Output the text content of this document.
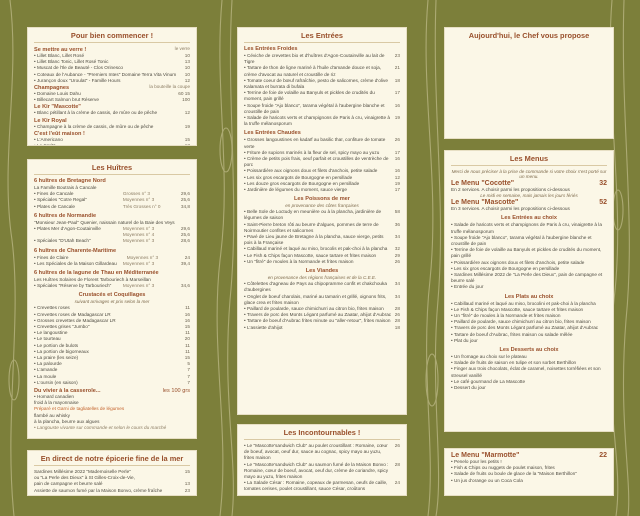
Pour bien commencer !
Se mettre au verre !	le verre
• Lillet Blanc, Lillet Rosé	10
• Lillet Blanc Tonic, Lillet Rosé Tonic	13
• Muscat de l'Ile de Beauté - Clos Orinesco	10
• Coteaux de l'Aubance - "Premiers Intes" Domaine Terra Vita Vinum	10
• Jurançon doux "Uroulat" - Famille Hours	12
Champagnes	la bouteille la coupe
• Domaine Louis Dahu	60 15
• Billecart Salmon brut Réserve	100
Le Kir "Mascotte"
• Blanc pétillant à la crème de cassis, de mûre ou de pêche	12
Le Kir Royal
• Champagne à la crème de cassis, de mûre ou de pêche	19
C'est l'eût maison !
• L'Americano	15
• Le Spritz	13
Les Huîtres
6 huîtres de Bretagne Nord
La Famille Boutrais à Cancale
• Fines de Cancale	Grosses n° 3	29,6
• Spéciales "Cotre Regal"	Moyennes n° 3	25,6
• Plates de Cancale	Très Grosses n° 0	34,8
6 huîtres de Normandie
"Monsieur Jean-Paul" Quenier, naissain naturel de la Baie des Veys
• Plates Mer d'Agon-Coutainville	Moyennes n° 3	29,6
Moyennes n° 4	25,6
• Spéciales "D'Utah Beach"	Moyennes n° 3	28,6
6 huîtres de Charente-Maritime
• Fines de Claire	Moyennes n° 3	24
• Les Spéciales de la Maison Gillardeau	Moyennes n° 3	39,4
6 huîtres de la lagune de Thau en Méditerranée
Les Huîtres Solaires de Florent Tarbouriech à Marseillan
• Spéciales "Réserve by Tarbouriech"	Moyennes n° 3	34,6
Crustacés et Coquillages
suivant arrivages et prix selon la mer
• Crevettes roses	11
• Crevettes roses de Madagascar LR	16
• Grosses crevettes de Madagascar LR	16
• Crevettes grises "Jumbo"	15
• Le langoustine	11
• Le tourteau	20
• Le portion de bulots	11
• La portion de bigorneaux	11
• La praire (les seize)	15
• La palourde	5
• L'amande	7
• La moule	7
• L'oursin (en saison)	7
Du vivier à la casserole...	les 100 grs
• Homard canadien
froid à la mayonnaise
Préparé et Garni de tagliatelles de légumes
flambé au whisky
à la plancha, beurre aux algues
• Langouste vivante sur commande et selon le cours du marché
En direct de notre épicerie fine de la mer
Sardines Millésime 2022 "Mademoiselle Perle"	15
ou "La Perle des Dieux" à St Gilles-Croix-de-Vie,
pain de campagne et beurre salé	13
Assiette de saumon fumé par la Maison Bonvo, crème fraîche	23
Les Entrées
Les Entrées Froides
• Céviche de crevettes bio et d'huîtres d'Agon-Coutainville au lait de Tigre
23
• Tartare de thon de ligne mariné à l'huile d'amande douce et soja, crème d'avocat au naturel et croustille de riz
21
• Tomate coeur de bœuf rafraîchie, pesto de salicornes, crème d'olive Kalamata et burrata di bufala
18
• Terrine de foie de volaille au Banyuls et pickles de crudités du moment, pain grillé
17
• Soupe froide "Ajo blanco", tarama végétal à l'aubergine blanche et croustille de pain
16
• Salade de haricots verts et champignons de Paris à cru, vinaigrette à la truffe mélanosporum
19
Les Entrées Chaudes
• Grosses langoustines en kadaïf au basilic thaï, confiture de tomate verte
26
• Friture de supions marinés à la fleur de sel, spicy mayo au yuzu	17
• Crème de petits pois frais, oeuf parfait et croustilles de ventrèche de porc
16
• Poissardière aux oignons doux et filets d'anchois, petite salade	16
• Les six gros escargots de Bourgogne en persillade	12
• Les douze gros escargots de Bourgogne en persillade	19
• Jardinière de légumes du moment, sauce vierge	17
Les Poissons de mer
en provenance des côtes françaises
• Belle Sole de Loctudy en meunière ou à la plancha, jardinière de légumes de saison
58
• Saint-Pierre breton rôti au beurre d'algues, pommes de terre de Noirmoutier confites et salicornes
36
• Pavé de Lieu jaune de Bretagne à la plancha, sauce vierge, petits pois à la Française
34
• Cabillaud mariné et laqué au miso, brocolis et pak-choi à la plancha	32
• Le Fish & Chips façon Mascotte, sauce tartare et frites maison	29
• Un "fitré" de moules à la Normande et frites maison	26
Les Viandes
en provenance des régions françaises et de la C.E.E.
• Côtelettes d'agneau de Pays au chipopramme confit et chakchouka d'aubergines
34
• Onglet de boeuf charolais, mariné au tamarin et grillé, oignons frits, glace crea et frites maison
34
• Paillard de poularde, sauce chimichurri au citron bio, frites maison	28
• Travers de porc des Monts Légant parfumé au Zaatar, ahijot d'Aubrac 26
• Tartare de boeuf d'Aubrac frites minute ou "aller-retour", frites maison 28
• L'assiette d'ahijot	18
Les Incontournables !
• Le "Mascotte'sandwich Club" au poulet croustillant : Romaine, cœur de boeuf, avocat, oeuf dur, sauce au cognac, spicy mayo au yuzu, frites maison
26
• Le "Mascotte'sandwich Club" au saumon fumé de la Maison Bonvo : Romaine, cœur de boeuf, avocat, oeuf dur, crème de coriandre, spicy mayo au yuzu, frites maison
28
• La Salade César : Romaine, copeaux de parmesan, oeufs de caille, tomates cerises, poulet croustillant, sauce César, croûtons
24
Aujourd'hui, le Chef vous propose
Les Menus
Merci de nous préciser à la prise de commande si votre choix s'est porté sur un menu.
Le Menu "Cocotte"	32
En 2 services. A choisir parmi les propositions ci-dessous
Le midi en semaine, mais jamais les jours fériés
Le Menu "Mascotte"	52
En 3 services. A choisir parmi les propositions ci-dessous
Les Entrées au choix
• Salade de haricots verts et champignons de Paris à cru, vinaigrette à la truffe mélanosporum
• Soupe froide "Ajo blanco", tarama végétal à l'aubergine blanche et croustille de pain
• Terrine de foie de volaille au Banyuls et pickles de crudités du moment, pain grillé
• Poissardière aux oignons doux et filets d'anchois, petite salade
• Les six gros escargots de Bourgogne en persillade
• Sardines Millésime 2022 de "La Perle des Dieux", pain de campagne et beurre salé
• Entrée du jour
Les Plats au choix
• Cabillaud mariné et laqué au miso, brocolini et pak-choi à la plancha
• Le Fish & Chips façon Mascotte, sauce tartare et frites maison
• Un "fitré" de moules à la Normande et frites maison
• Paillard de poularde, sauce chimichurri au citron bio, frites maison
• Travers de porc des Monts Légant parfumé au Zaatar, ahijot d'Aubrac
• Tartare de boeuf d'Aubrac, frites maison ou salade mêlée
• Plat du jour
Les Desserts au choix
• Un fromage au choix sur le plateau
• Salade de fruits de saison en tulipe et son sorbet Berthillon
• Finger aux trois chocolats, éclat de caramel, noisettes torréfiées et son streusel vanillé
• Le café gourmand de La Mascotte
• Dessert du jour
Le Menu "Marmotte"	22
• Penelo pour les petits !
• Fish & Chips ou nuggets de poulet maison, frites
• Salade de fruits ou boule de glace de la "Maison Berthillon"
• Un jus d'orange ou un Coca Cola
